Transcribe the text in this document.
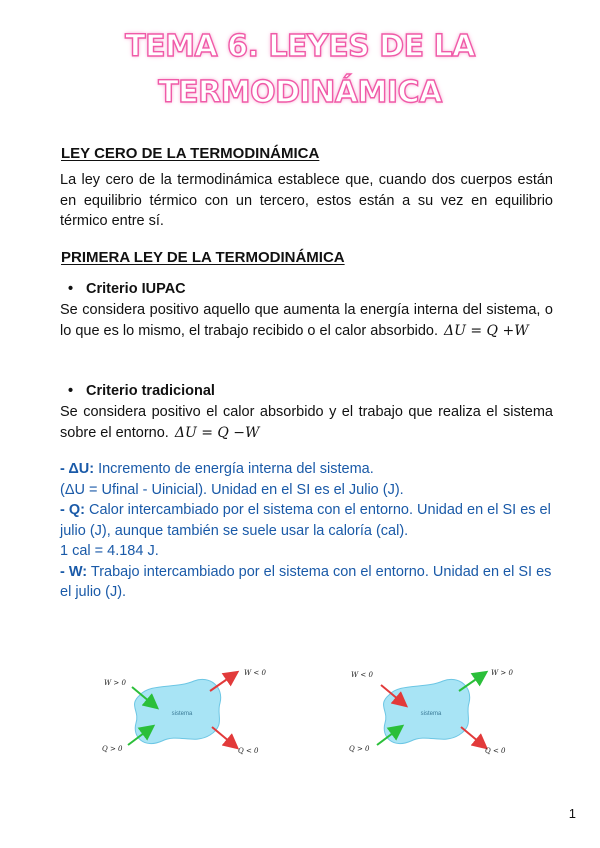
TEMA 6. LEYES DE LA
TERMODINÁMICA
LEY CERO DE LA TERMODINÁMICA
La ley cero de la termodinámica establece que, cuando dos cuerpos están en equilibrio térmico con un tercero, estos están a su vez en equilibrio térmico entre sí.
PRIMERA LEY DE LA TERMODINÁMICA
• Criterio IUPAC
Se considera positivo aquello que aumenta la energía interna del sistema, o lo que es lo mismo, el trabajo recibido o el calor absorbido. ΔU = Q +W
• Criterio tradicional
Se considera positivo el calor absorbido y el trabajo que realiza el sistema sobre el entorno. ΔU = Q −W
- ΔU: Incremento de energía interna del sistema.
(ΔU = Ufinal - Uinicial). Unidad en el SI es el Julio (J).
- Q: Calor intercambiado por el sistema con el entorno. Unidad en el SI es el julio (J), aunque también se suele usar la caloría (cal).
1 cal = 4.184 J.
- W: Trabajo intercambiado por el sistema con el entorno. Unidad en el SI es el julio (J).
sistema
W > 0
W < 0
Q > 0	Q < 0
sistema
W < 0	W > 0
Q > 0	Q < 0
1
